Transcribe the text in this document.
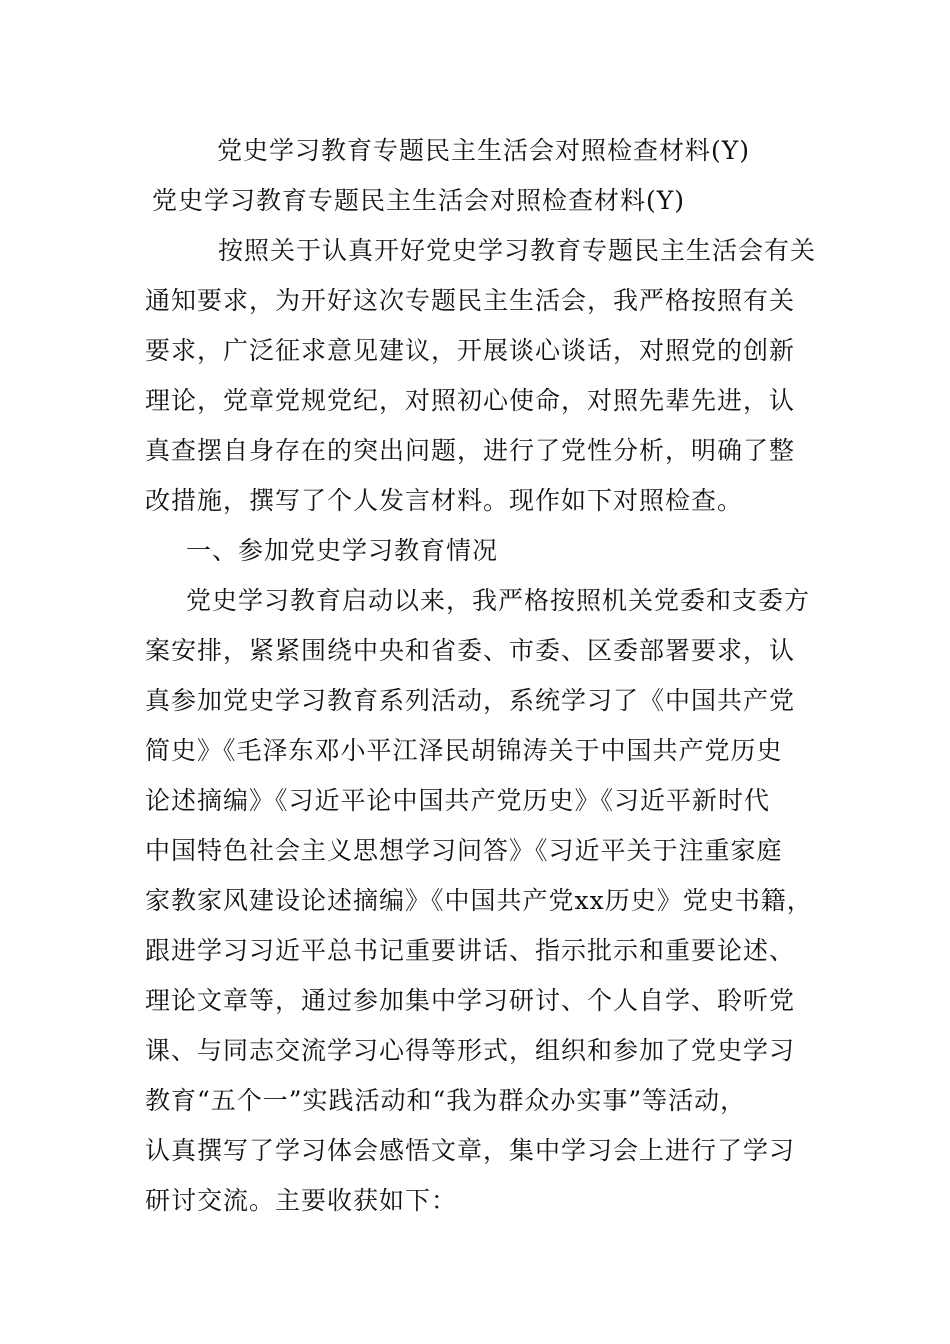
党史学习教育专题民主生活会对照检查材料(Y)
党史学习教育专题民主生活会对照检查材料(Y)
按照关于认真开好党史学习教育专题民主生活会有关
通知要求，为开好这次专题民主生活会，我严格按照有关
要求，广泛征求意见建议，开展谈心谈话，对照党的创新
理论，党章党规党纪，对照初心使命，对照先辈先进，认
真查摆自身存在的突出问题，进行了党性分析，明确了整
改措施，撰写了个人发言材料。现作如下对照检查。
一、参加党史学习教育情况
党史学习教育启动以来，我严格按照机关党委和支委方
案安排，紧紧围绕中央和省委、市委、区委部署要求，认
真参加党史学习教育系列活动，系统学习了《中国共产党
简史》《毛泽东邓小平江泽民胡锦涛关于中国共产党历史
论述摘编》《习近平论中国共产党历史》《习近平新时代
中国特色社会主义思想学习问答》《习近平关于注重家庭
家教家风建设论述摘编》《中国共产党xx历史》党史书籍，
跟进学习习近平总书记重要讲话、指示批示和重要论述、
理论文章等，通过参加集中学习研讨、个人自学、聆听党
课、与同志交流学习心得等形式，组织和参加了党史学习
教育“五个一”实践活动和“我为群众办实事”等活动，
认真撰写了学习体会感悟文章，集中学习会上进行了学习
研讨交流。主要收获如下：
